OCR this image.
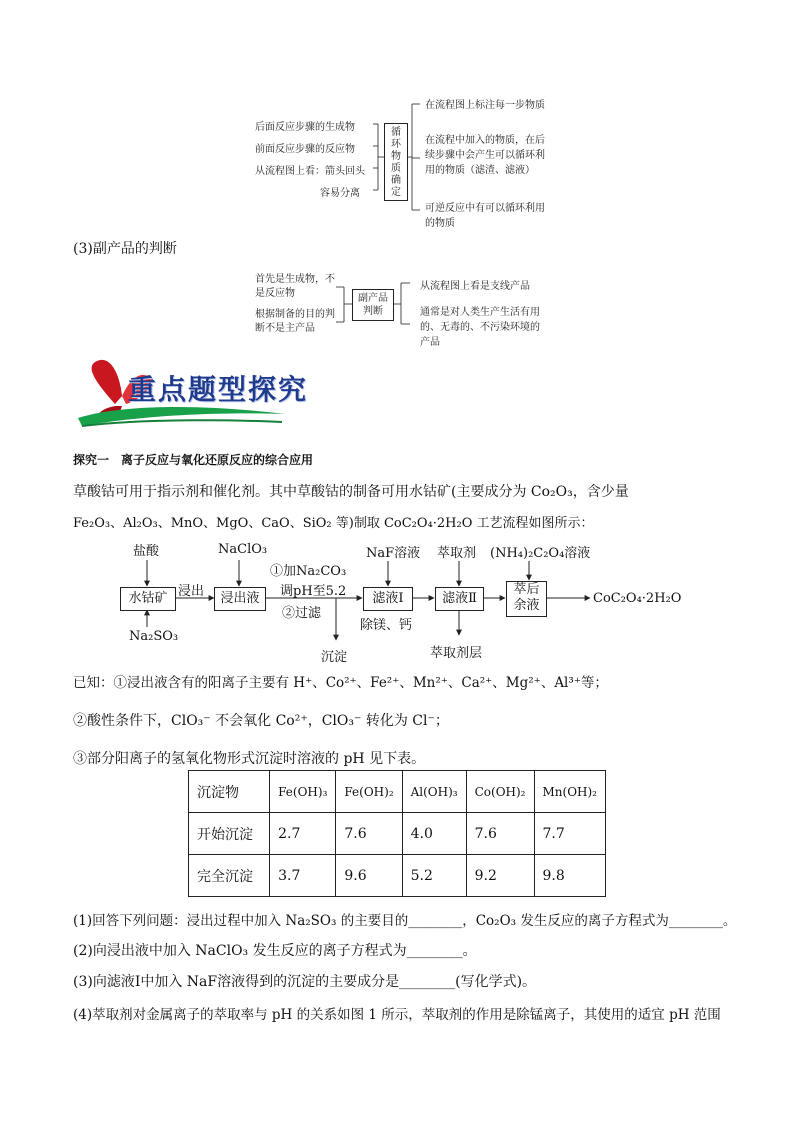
后面反应步骤的生成物
前面反应步骤的反应物
从流程图上看：箭头回头
容易分离
循环物质确定
在流程图上标注每一步物质
在流程中加入的物质，在后续步骤中会产生可以循环利用的物质（滤渣、滤液）
可逆反应中有可以循环利用的物质
(3)副产品的判断
首先是生成物，不是反应物
根据制备的目的判断不是主产品
副产品判断
从流程图上看是支线产品
通常是对人类生产生活有用的、无毒的、不污染环境的产品
重点题型探究
探究一　离子反应与氧化还原反应的综合应用
草酸钴可用于指示剂和催化剂。其中草酸钴的制备可用水钴矿(主要成分为 Co₂O₃，含少量
Fe₂O₃、Al₂O₃、MnO、MgO、CaO、SiO₂ 等)制取 CoC₂O₄·2H₂O 工艺流程如图所示：
盐酸	NaClO₃	NaF溶液 萃取剂 (NH₄)₂C₂O₄溶液
水钴矿 浸出	浸出液
①加Na₂CO₃
调pH至5.2
②过滤
滤液Ⅰ	滤液Ⅱ
萃后余液	CoC₂O₄·2H₂O
Na₂SO₃
沉淀
除镁、钙
萃取剂层
已知：①浸出液含有的阳离子主要有 H⁺、Co²⁺、Fe²⁺、Mn²⁺、Ca²⁺、Mg²⁺、Al³⁺等；
②酸性条件下，ClO₃⁻ 不会氧化 Co²⁺，ClO₃⁻ 转化为 Cl⁻；
③部分阳离子的氢氧化物形式沉淀时溶液的 pH 见下表。
沉淀物	Fe(OH)₃	Fe(OH)₂	Al(OH)₃	Co(OH)₂	Mn(OH)₂
开始沉淀	2.7	7.6	4.0	7.6	7.7
完全沉淀	3.7	9.6	5.2	9.2	9.8
(1)回答下列问题：浸出过程中加入 Na₂SO₃ 的主要目的________，Co₂O₃ 发生反应的离子方程式为________。
(2)向浸出液中加入 NaClO₃ 发生反应的离子方程式为________。
(3)向滤液Ⅰ中加入 NaF溶液得到的沉淀的主要成分是________(写化学式)。
(4)萃取剂对金属离子的萃取率与 pH 的关系如图 1 所示，萃取剂的作用是除锰离子，其使用的适宜 pH 范围
